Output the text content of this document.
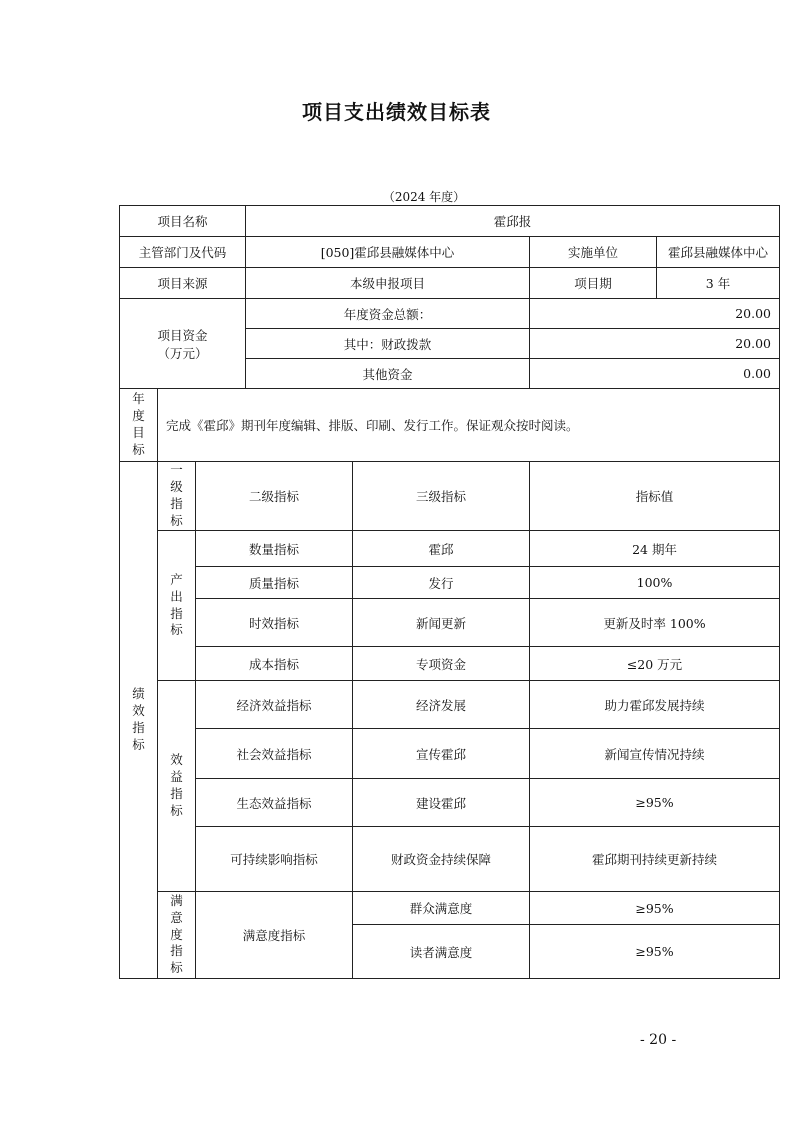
项目支出绩效目标表
（2024 年度）
项目名称			霍邱报			
主管部门及代码			[050]霍邱县融媒体中心		实施单位	霍邱县融媒体中心
项目来源			本级申报项目		项目期	3 年

项目资金
（万元）			年度资金总额：		20.00	
			其中：财政拨款		20.00	
			其他资金		0.00	

年度目标	完成《霍邱》期刊年度编辑、排版、印刷、发行工作。保证观众按时阅读。					

绩效指标	一级指标	二级指标		三级指标	指标值	

	产出指标	数量指标		霍邱	24 期年	
		质量指标		发行	100%	
		时效指标		新闻更新	更新及时率 100%	
		成本指标		专项资金	≤20 万元	

	效益指标	经济效益指标		经济发展	助力霍邱发展持续	
		社会效益指标		宣传霍邱	新闻宣传情况持续	
		生态效益指标		建设霍邱	≥95%	
		可持续影响指标		财政资金持续保障	霍邱期刊持续更新持续	

	满意度指标	满意度指标		群众满意度	≥95%	
				读者满意度	≥95%	
- 20 -
